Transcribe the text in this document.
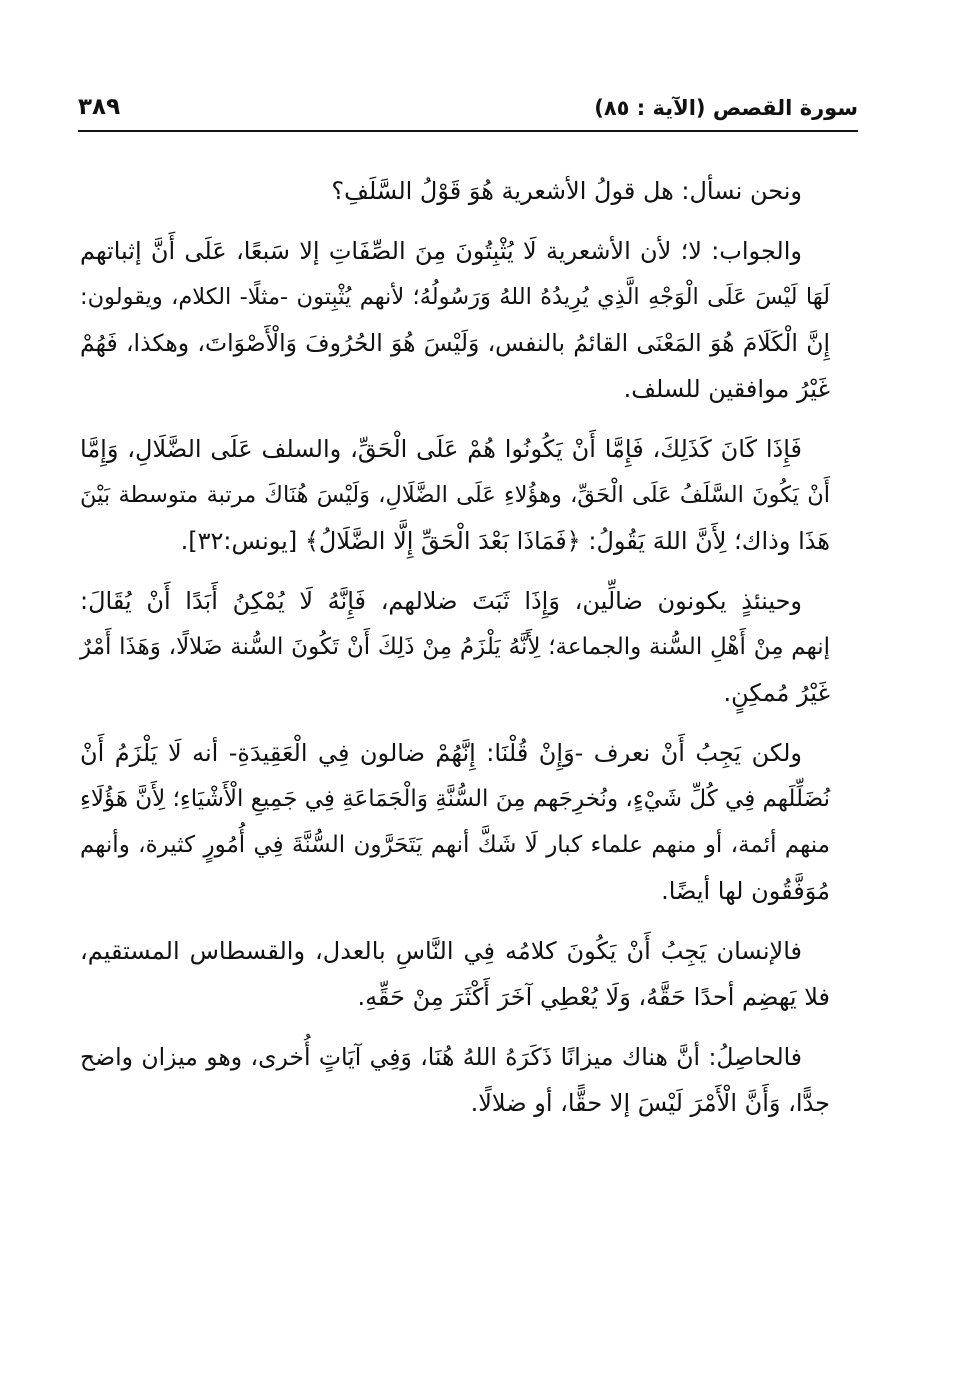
سورة القصص (الآية : ٨٥)
٣٨٩
ونحن نسأل: هل قولُ الأشعرية هُوَ قَوْلُ السَّلَفِ؟
والجواب: لا؛ لأن الأشعرية لَا يُثْبِتُونَ مِنَ الصِّفَاتِ إلا سَبعًا، عَلَى أَنَّ إثباتهم
لَهَا لَيْسَ عَلَى الْوَجْهِ الَّذِي يُرِيدُهُ اللهُ وَرَسُولُهُ؛ لأنهم يُثْبِتون -مثلًا- الكلام، ويقولون:
إِنَّ الْكَلَامَ هُوَ المَعْنَى القائمُ بالنفس، وَلَيْسَ هُوَ الحُرُوفَ وَالْأَصْوَاتَ، وهكذا، فَهُمْ
غَيْرُ موافقين للسلف.
فَإِذَا كَانَ كَذَلِكَ، فَإِمَّا أَنْ يَكُونُوا هُمْ عَلَى الْحَقِّ، والسلف عَلَى الضَّلَالِ، وَإِمَّا
أَنْ يَكُونَ السَّلَفُ عَلَى الْحَقِّ، وهؤُلاءِ عَلَى الضَّلَالِ، وَلَيْسَ هُنَاكَ مرتبة متوسطة بَيْنَ
هَذَا وذاك؛ لِأَنَّ اللهَ يَقُولُ: ﴿فَمَاذَا بَعْدَ الْحَقِّ إِلَّا الضَّلَالُ﴾ [يونس:٣٢].
وحينئذٍ يكونون ضالِّين، وَإِذَا ثَبَتَ ضلالهم، فَإِنَّهُ لَا يُمْكِنُ أَبَدًا أَنْ يُقَالَ:
إنهم مِنْ أَهْلِ السُّنة والجماعة؛ لِأَنَّهُ يَلْزَمُ مِنْ ذَلِكَ أَنْ تَكُونَ السُّنة ضَلالًا، وَهَذَا أَمْرٌ
غَيْرُ مُمكِنٍ.
ولكن يَجِبُ أَنْ نعرف -وَإِنْ قُلْنَا: إِنَّهُمْ ضالون فِي الْعَقِيدَةِ- أنه لَا يَلْزَمُ أَنْ
نُضَلِّلَهم فِي كُلِّ شَيْءٍ، ونُخرِجَهم مِنَ السُّنَّةِ وَالْجَمَاعَةِ فِي جَمِيعِ الْأَشْيَاءِ؛ لِأَنَّ هَؤُلَاءِ
منهم أئمة، أو منهم علماء كبار لَا شَكَّ أنهم يَتَحَرَّون السُّنَّةَ فِي أُمُورٍ كثيرة، وأنهم
مُوَفَّقُون لها أيضًا.
فالإنسان يَجِبُ أَنْ يَكُونَ كلامُه فِي النَّاسِ بالعدل، والقسطاس المستقيم،
فلا يَهضِم أحدًا حَقَّهُ، وَلَا يُعْطِي آخَرَ أَكْثَرَ مِنْ حَقِّهِ.
فالحاصِلُ: أنَّ هناك ميزانًا ذَكَرَهُ اللهُ هُنَا، وَفِي آيَاتٍ أُخرى، وهو ميزان واضح
جدًّا، وَأَنَّ الْأَمْرَ لَيْسَ إلا حقًّا، أو ضلالًا.
